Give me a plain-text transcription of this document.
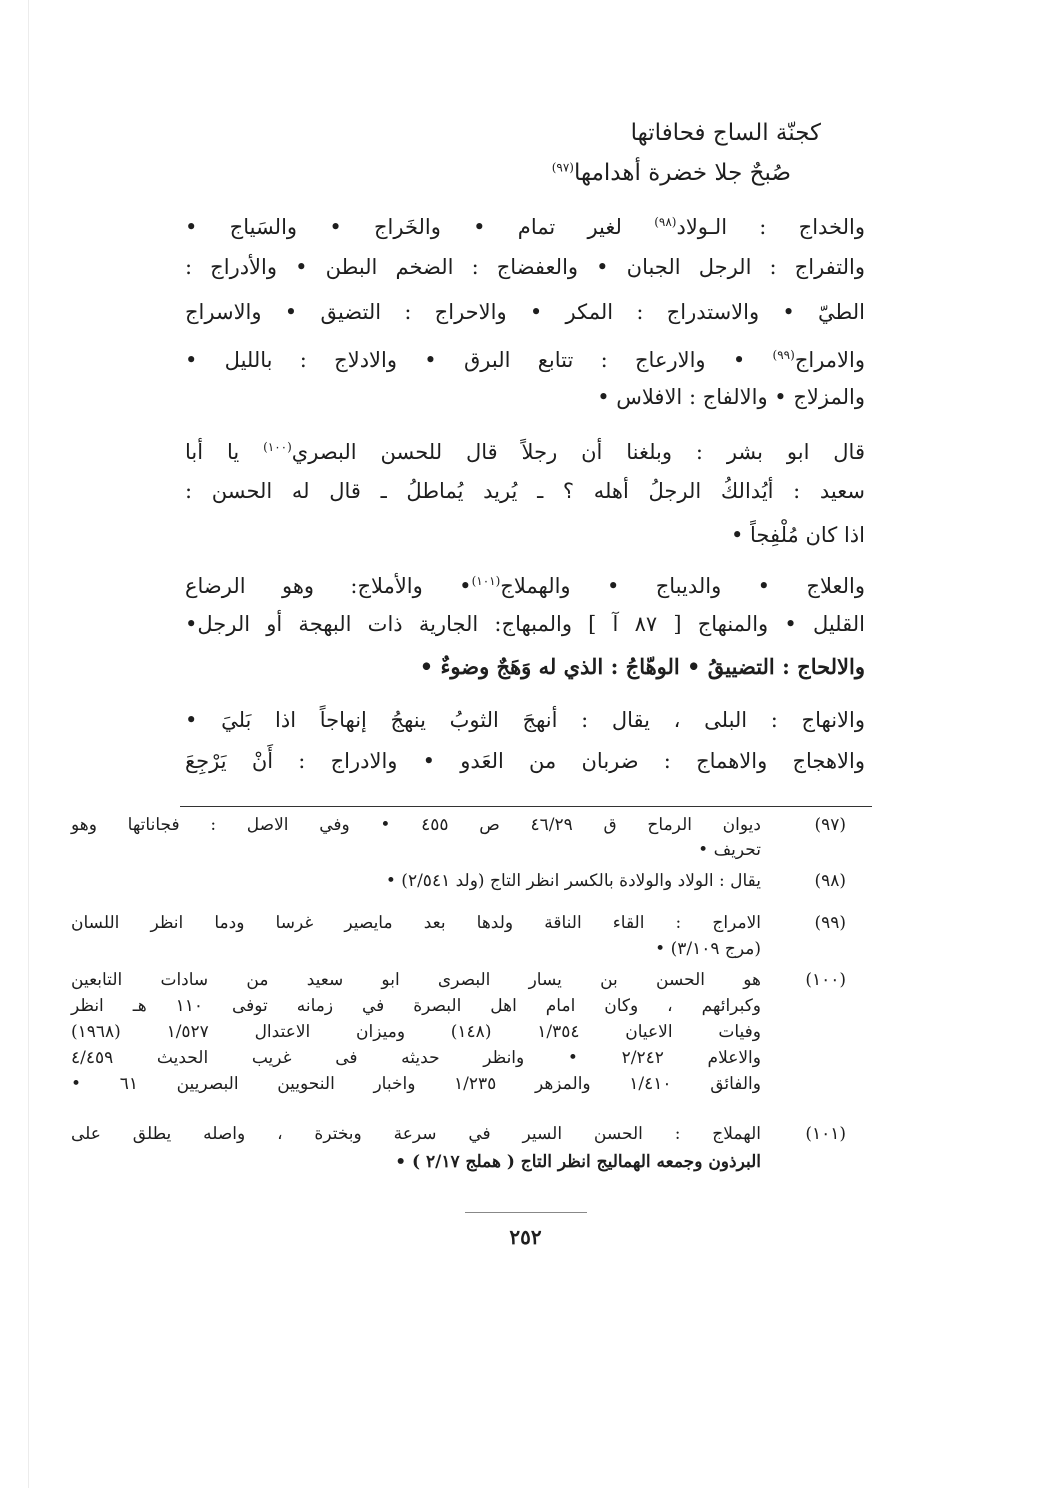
كجنّة الساج فحافاتها
صُبحٌ جلا خضرة أهدامها$^{(٩٧)}$
والخداج : الـولاد$^{(٩٨)}$ لغير تمام • والخَراج • والسَياج •
والتفراج : الرجل الجبان • والعفضاج : الضخم البطن • والأدراج :
الطيّ • والاستدراج : المكر • والاحراج : التضيق • والاسراج
والامراج$^{(٩٩)}$ • والارعاج : تتابع البرق • والادلاج : بالليل •
والمزلاج • والالفاج : الافلاس •
قال ابو بشر : وبلغنا أن رجلاً قال للحسن البصري$^{(١٠٠)}$ يا أبا
سعيد : أيُدالكُ الرجلُ أهله ؟ ـ يُريد يُماطلُ ـ قال له الحسن :
اذا كان مُلْفِجاً •
والعلاج • والديباج • والهملاج$^{(١٠١)}$• والأملاج: وهو الرضاع
القليل • والمنهاج [ ٨٧ آ ] والمبهاج: الجارية ذات البهجة أو الرجل•
والالحاج : التضييقُ • الوهّاجُ : الذي له وَهَجٌ وضوءٌ •
والانهاج : البلى ، يقال : أنهجَ الثوبُ ينهجُ إنهاجاً اذا بَليَ •
والاهجاج والاهماج : ضربان من العَدو • والادراج : أَنْ يَرْجِعَ
(٩٧)
ديوان الرماح ق ٤٦/٢٩ ص ٤٥٥ • وفي الاصل : فجاناتها وهو
تحريف •
(٩٨)
يقال : الولاد والولادة بالكسر انظر التاج (ولد ٢/٥٤١) •
(٩٩)
الامراج : القاء الناقة ولدها بعد مايصير غرسا ودما انظر اللسان
(مرج ٣/١٠٩) •
(١٠٠)
هو الحسن بن يسار البصرى ابو سعيد من سادات التابعين
وكبرائهم ، وكان امام اهل البصرة في زمانه توفى ١١٠ هـ انظر
وفيات الاعيان ١/٣٥٤ (١٤٨) وميزان الاعتدال ١/٥٢٧ (١٩٦٨)
والاعلام ٢/٢٤٢ • وانظر حديثه فى غريب الحديث ٤/٤٥٩
والفائق ١/٤١٠ والمزهر ١/٢٣٥ واخبار النحويين البصريين ٦١ •
(١٠١)
الهملاج : الحسن السير في سرعة وبخترة ، واصله يطلق على
البرذون وجمعه الهماليج انظر التاج ( هملج ٢/١٧ ) •
٢٥٢
